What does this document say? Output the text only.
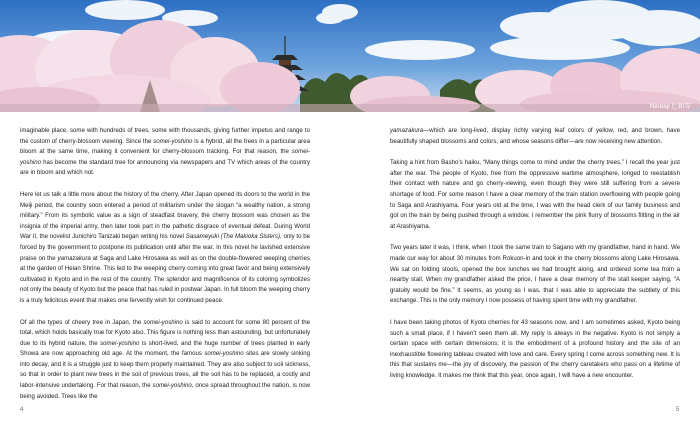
Ninnaji 仁和寺

imaginable place, some with hundreds of trees, some with thousands, giving further impetus and range to the custom of cherry-blossom viewing. Since the somei-yoshino is a hybrid, all the trees in a particular area bloom at the same time, making it convenient for cherry-blossom tracking. For that reason, the somei-yoshino has become the standard tree for announcing via newspapers and TV which areas of the country are in bloom and which not.

Here let us talk a little more about the history of the cherry. After Japan opened its doors to the world in the Meiji period, the country soon entered a period of militarism under the slogan “a wealthy nation, a strong military.” From its symbolic value as a sign of steadfast bravery, the cherry blossom was chosen as the insignia of the imperial army, then later took part in the pathetic disgrace of eventual defeat. During World War II, the novelist Junichiro Tanizaki began writing his novel Sasameyuki (The Makioka Sisters), only to be forced by the government to postpone its publication until after the war. In this novel he lavished extensive praise on the yamazakura at Saga and Lake Hirosawa as well as on the double-flowered weeping cherries at the garden of Heian Shrine. This led to the weeping cherry coming into great favor and being extensively cultivated in Kyoto and in the rest of the country. The splendor and magnificence of its coloring symbolizes not only the beauty of Kyoto but the peace that has ruled in postwar Japan. In full bloom the weeping cherry is a truly felicitous event that makes one fervently wish for continued peace.

Of all the types of cheery tree in Japan, the somei-yoshino is said to account for some 80 percent of the total, which holds basically true for Kyoto also. This figure is nothing less than astounding, but unfortunately due to its hybrid nature, the somei-yoshino is short-lived, and the huge number of trees planted in early Showa are now approaching old age. At the moment, the famous somei-yoshino sites are slowly sinking into decay, and it is a struggle just to keep them properly maintained. They are also subject to soil sickness, so that in order to plant new trees in the soil of previous trees, all the soil has to be replaced, a costly and labor-intensive undertaking. For that reason, the somei-yoshino, once spread throughout the nation, is now being avoided. Trees like the

yamazakura—which are long-lived, display richly varying leaf colors of yellow, red, and brown, have beautifully shaped blossoms and colors, and whose seasons differ—are now receiving new attention.

Taking a hint from Basho’s haiku, “Many things come to mind under the cherry trees,” I recall the year just after the war. The people of Kyoto, free from the oppressive wartime atmosphere, longed to reestablish their contact with nature and go cherry-viewing, even though they were still suffering from a severe shortage of food. For some reason I have a clear memory of the train station overflowing with people going to Saga and Arashiyama. Four years old at the time, I was with the head clerk of our family business and got on the train by being pushed through a window. I remember the pink flurry of blossoms flitting in the air at Arashiyama.

Two years later it was, I think, when I took the same train to Sagano with my grandfather, hand in hand. We made our way for about 30 minutes from Rokuon-in and took in the cherry blossoms along Lake Hirosawa. We sat on folding stools, opened the box lunches we had brought along, and ordered some tea from a nearby stall. When my grandfather asked the price, I have a clear memory of the stall keeper saying, “A gratuity would be fine.” It seems, as young as I was, that I was able to appreciate the subtlety of this exchange. This is the only memory I now possess of having spent time with my grandfather.

I have been taking photos of Kyoto cherries for 43 seasons now, and I am sometimes asked, Kyoto being such a small place, if I haven’t seen them all. My reply is always in the negative. Kyoto is not simply a certain space with certain dimensions; it is the embodiment of a profound history and the site of an inexhaustible flowering tableau created with love and care. Every spring I come across something new. It is this that sustains me—the joy of discovery, the passion of the cherry caretakers who pass on a lifetime of living knowledge. It makes me think that this year, once again, I will have a new encounter.

4	5
